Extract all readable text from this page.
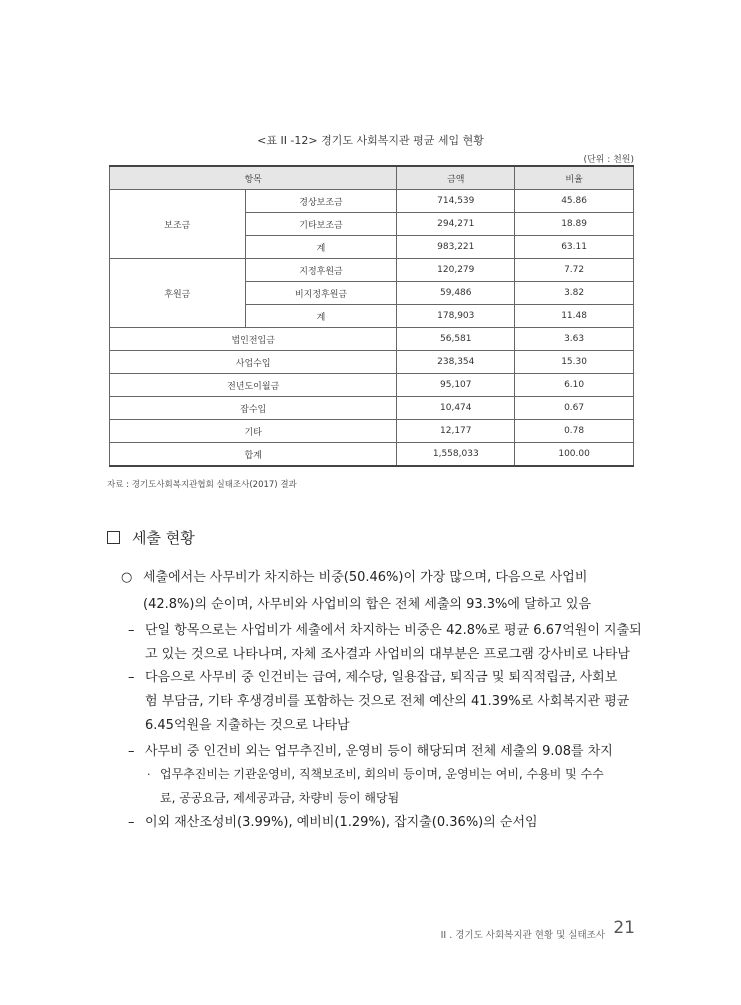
<표 II -12> 경기도 사회복지관 평균 세입 현황
(단위 : 천원)
항목		금액	비율
보조금	경상보조금	714,539	45.86
	기타보조금	294,271	18.89
	계	983,221	63.11
후원금	지정후원금	120,279	7.72
	비지정후원금	59,486	3.82
	계	178,903	11.48
법인전입금		56,581	3.63
사업수입		238,354	15.30
전년도이월금		95,107	6.10
잡수입		10,474	0.67
기타		12,177	0.78
합계		1,558,033	100.00
자료 : 경기도사회복지관협회 실태조사(2017) 결과
세출 현황
○ 세출에서는 사무비가 차지하는 비중(50.46%)이 가장 많으며, 다음으로 사업비
(42.8%)의 순이며, 사무비와 사업비의 합은 전체 세출의 93.3%에 달하고 있음
– 단일 항목으로는 사업비가 세출에서 차지하는 비중은 42.8%로 평균 6.67억원이 지출되
고 있는 것으로 나타나며, 자체 조사결과 사업비의 대부분은 프로그램 강사비로 나타남
– 다음으로 사무비 중 인건비는 급여, 제수당, 일용잡급, 퇴직금 및 퇴직적립금, 사회보
험 부담금, 기타 후생경비를 포함하는 것으로 전체 예산의 41.39%로 사회복지관 평균
6.45억원을 지출하는 것으로 나타남
– 사무비 중 인건비 외는 업무추진비, 운영비 등이 해당되며 전체 세출의 9.08를 차지
· 업무추진비는 기관운영비, 직책보조비, 회의비 등이며, 운영비는 여비, 수용비 및 수수
료, 공공요금, 제세공과금, 차량비 등이 해당됨
– 이외 재산조성비(3.99%), 예비비(1.29%), 잡지출(0.36%)의 순서임
II . 경기도 사회복지관 현황 및 실태조사 21
